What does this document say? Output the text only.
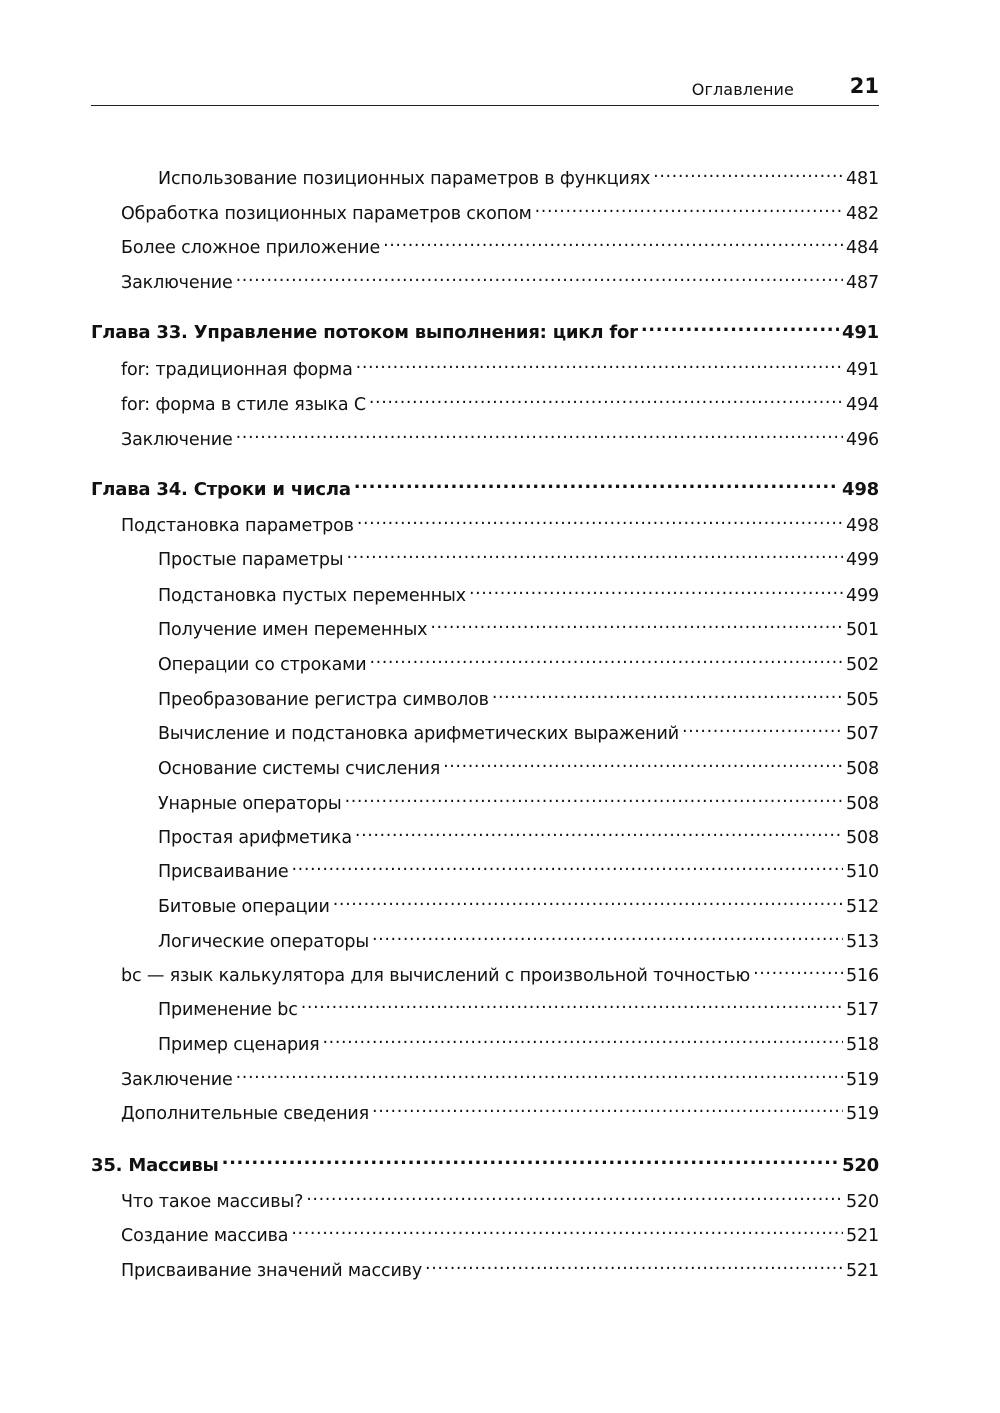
Оглавление	21
Использование позиционных параметров в функциях .....	481
Обработка позиционных параметров скопом .....	482
Более сложное приложение .....	484
Заключение .....	487
Глава 33. Управление потоком выполнения: цикл for .....	491
for: традиционная форма .....	491
for: форма в стиле языка C .....	494
Заключение .....	496
Глава 34. Строки и числа .....	498
Подстановка параметров .....	498
Простые параметры .....	499
Подстановка пустых переменных .....	499
Получение имен переменных .....	501
Операции со строками .....	502
Преобразование регистра символов .....	505
Вычисление и подстановка арифметических выражений .....	507
Основание системы счисления .....	508
Унарные операторы .....	508
Простая арифметика .....	508
Присваивание .....	510
Битовые операции .....	512
Логические операторы .....	513
bc — язык калькулятора для вычислений с произвольной точностью .....	516
Применение bc .....	517
Пример сценария .....	518
Заключение .....	519
Дополнительные сведения .....	519
35. Массивы .....	520
Что такое массивы? .....	520
Создание массива .....	521
Присваивание значений массиву .....	521
